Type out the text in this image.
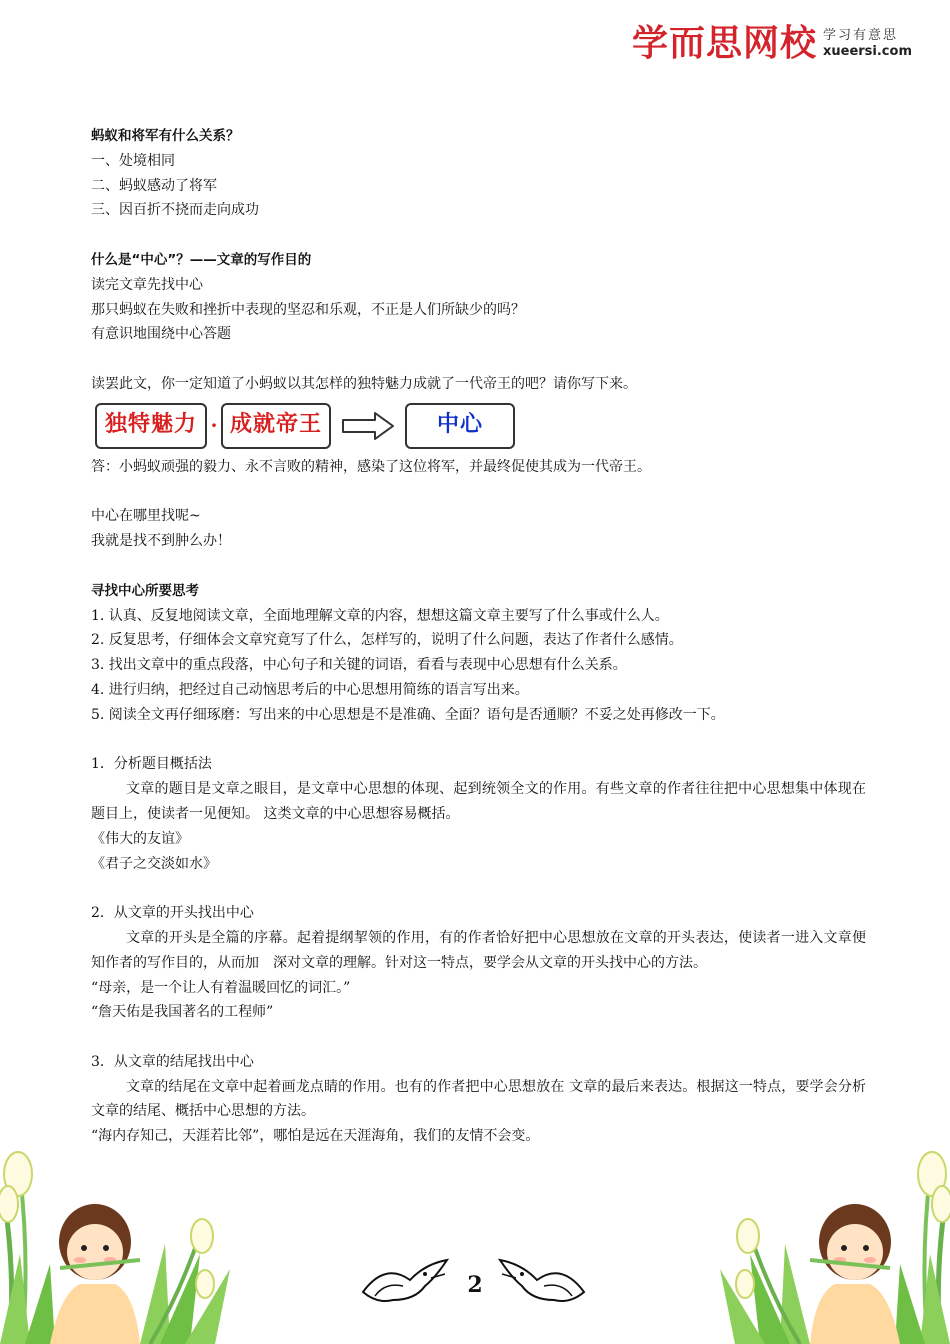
学而思网校 学习有意思
xueersi.com

蚂蚁和将军有什么关系？

一、处境相同

二、蚂蚁感动了将军

三、因百折不挠而走向成功

什么是“中心”？——文章的写作目的

读完文章先找中心

那只蚂蚁在失败和挫折中表现的坚忍和乐观，不正是人们所缺少的吗？

有意识地围绕中心答题

读罢此文，你一定知道了小蚂蚁以其怎样的独特魅力成就了一代帝王的吧？请你写下来。

独特魅力 · 成就帝王	中心

答：小蚂蚁顽强的毅力、永不言败的精神，感染了这位将军，并最终促使其成为一代帝王。

中心在哪里找呢~

我就是找不到肿么办！

寻找中心所要思考

1. 认真、反复地阅读文章，全面地理解文章的内容，想想这篇文章主要写了什么事或什么人。

2. 反复思考，仔细体会文章究竟写了什么，怎样写的，说明了什么问题，表达了作者什么感情。

3. 找出文章中的重点段落，中心句子和关键的词语，看看与表现中心思想有什么关系。

4. 进行归纳，把经过自己动恼思考后的中心思想用简练的语言写出来。

5. 阅读全文再仔细琢磨：写出来的中心思想是不是准确、全面？语句是否通顺？不妥之处再修改一下。

1．分析题目概括法

文章的题目是文章之眼目，是文章中心思想的体现、起到统领全文的作用。有些文章的作者往往把中心思想集中体现在题目上，使读者一见便知。 这类文章的中心思想容易概括。

《伟大的友谊》

《君子之交淡如水》

2．从文章的开头找出中心

文章的开头是全篇的序幕。起着提纲挈领的作用，有的作者恰好把中心思想放在文章的开头表达，使读者一进入文章便知作者的写作目的，从而加　深对文章的理解。针对这一特点，要学会从文章的开头找中心的方法。

“母亲，是一个让人有着温暖回忆的词汇。”

“詹天佑是我国著名的工程师”

3．从文章的结尾找出中心

文章的结尾在文章中起着画龙点睛的作用。也有的作者把中心思想放在 文章的最后来表达。根据这一特点，要学会分析文章的结尾、概括中心思想的方法。

“海内存知己，天涯若比邻”，哪怕是远在天涯海角，我们的友情不会变。

2
